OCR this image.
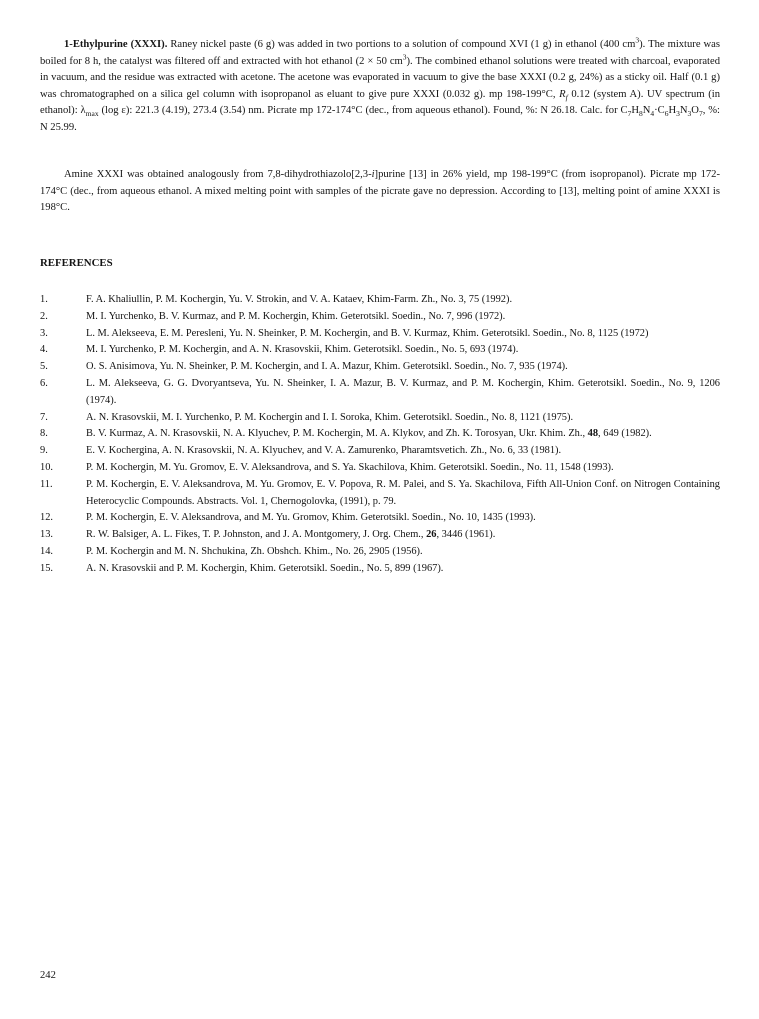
1-Ethylpurine (XXXI). Raney nickel paste (6 g) was added in two portions to a solution of compound XVI (1 g) in ethanol (400 $cm^3$). The mixture was boiled for 8 h, the catalyst was filtered off and extracted with hot ethanol (2 × 50 $cm^3$). The combined ethanol solutions were treated with charcoal, evaporated in vacuum, and the residue was extracted with acetone. The acetone was evaporated in vacuum to give the base XXXI (0.2 g, 24%) as a sticky oil. Half (0.1 g) was chromatographed on a silica gel column with isopropanol as eluant to give pure XXXI (0.032 g). mp 198-199°C, $R_f$ 0.12 (system A). UV spectrum (in ethanol): $\lambda_{max}$ (log ε): 221.3 (4.19), 273.4 (3.54) nm. Picrate mp 172-174°C (dec., from aqueous ethanol). Found, %: N 26.18. Calc. for $C_7H_8N_4\cdot C_6H_3N_3O_7$, %: N 25.99.

Amine XXXI was obtained analogously from 7,8-dihydrothiazolo[2,3-i]purine [13] in 26% yield, mp 198-199°C (from isopropanol). Picrate mp 172-174°C (dec., from aqueous ethanol. A mixed melting point with samples of the picrate gave no depression. According to [13], melting point of amine XXXI is 198°C.

REFERENCES
1.	F. A. Khaliullin, P. M. Kochergin, Yu. V. Strokin, and V. A. Kataev, Khim-Farm. Zh., No. 3, 75 (1992).
2.	M. I. Yurchenko, B. V. Kurmaz, and P. M. Kochergin, Khim. Geterotsikl. Soedin., No. 7, 996 (1972).
3.	L. M. Alekseeva, E. M. Peresleni, Yu. N. Sheinker, P. M. Kochergin, and B. V. Kurmaz, Khim. Geterotsikl. Soedin., No. 8, 1125 (1972)
4.	M. I. Yurchenko, P. M. Kochergin, and A. N. Krasovskii, Khim. Geterotsikl. Soedin., No. 5, 693 (1974).
5.	O. S. Anisimova, Yu. N. Sheinker, P. M. Kochergin, and I. A. Mazur, Khim. Geterotsikl. Soedin., No. 7, 935 (1974).
6.	L. M. Alekseeva, G. G. Dvoryantseva, Yu. N. Sheinker, I. A. Mazur, B. V. Kurmaz, and P. M. Kochergin, Khim. Geterotsikl. Soedin., No. 9, 1206 (1974).
7.	A. N. Krasovskii, M. I. Yurchenko, P. M. Kochergin and I. I. Soroka, Khim. Geterotsikl. Soedin., No. 8, 1121 (1975).
8.	B. V. Kurmaz, A. N. Krasovskii, N. A. Klyuchev, P. M. Kochergin, M. A. Klykov, and Zh. K. Torosyan, Ukr. Khim. Zh., 48, 649 (1982).
9.	E. V. Kochergina, A. N. Krasovskii, N. A. Klyuchev, and V. A. Zamurenko, Pharamtsvetich. Zh., No. 6, 33 (1981).
10.	P. M. Kochergin, M. Yu. Gromov, E. V. Aleksandrova, and S. Ya. Skachilova, Khim. Geterotsikl. Soedin., No. 11, 1548 (1993).
11.	P. M. Kochergin, E. V. Aleksandrova, M. Yu. Gromov, E. V. Popova, R. M. Palei, and S. Ya. Skachilova, Fifth All-Union Conf. on Nitrogen Containing Heterocyclic Compounds. Abstracts. Vol. 1, Chernogolovka, (1991), p. 79.
12.	P. M. Kochergin, E. V. Aleksandrova, and M. Yu. Gromov, Khim. Geterotsikl. Soedin., No. 10, 1435 (1993).
13.	R. W. Balsiger, A. L. Fikes, T. P. Johnston, and J. A. Montgomery, J. Org. Chem., 26, 3446 (1961).
14.	P. M. Kochergin and M. N. Shchukina, Zh. Obshch. Khim., No. 26, 2905 (1956).
15.	A. N. Krasovskii and P. M. Kochergin, Khim. Geterotsikl. Soedin., No. 5, 899 (1967).
242
